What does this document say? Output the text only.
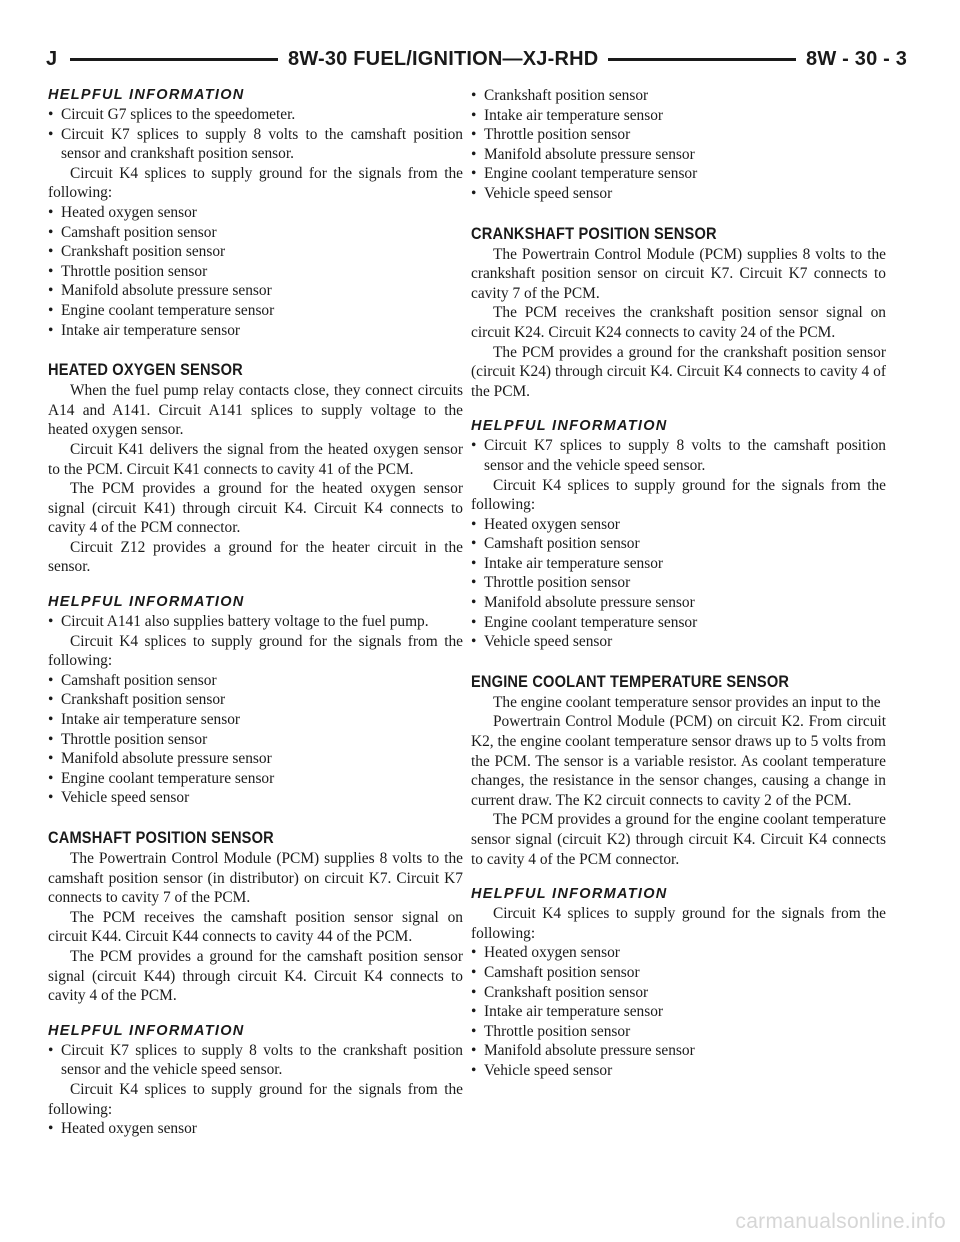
J	8W-30 FUEL/IGNITION—XJ-RHD	8W - 30 - 3
HELPFUL INFORMATION
• Circuit G7 splices to the speedometer.
• Circuit K7 splices to supply 8 volts to the camshaft position sensor and crankshaft position sensor.

Circuit K4 splices to supply ground for the signals from the following:

• Heated oxygen sensor
• Camshaft position sensor
• Crankshaft position sensor
• Throttle position sensor
• Manifold absolute pressure sensor
• Engine coolant temperature sensor
• Intake air temperature sensor
HEATED OXYGEN SENSOR

When the fuel pump relay contacts close, they connect circuits A14 and A141. Circuit A141 splices to supply voltage to the heated oxygen sensor.

Circuit K41 delivers the signal from the heated oxygen sensor to the PCM. Circuit K41 connects to cavity 41 of the PCM.

The PCM provides a ground for the heated oxygen sensor signal (circuit K41) through circuit K4. Circuit K4 connects to cavity 4 of the PCM connector.

Circuit Z12 provides a ground for the heater circuit in the sensor.

HELPFUL INFORMATION
• Circuit A141 also supplies battery voltage to the fuel pump.

Circuit K4 splices to supply ground for the signals from the following:

• Camshaft position sensor
• Crankshaft position sensor
• Intake air temperature sensor
• Throttle position sensor
• Manifold absolute pressure sensor
• Engine coolant temperature sensor
• Vehicle speed sensor
CAMSHAFT POSITION SENSOR

The Powertrain Control Module (PCM) supplies 8 volts to the camshaft position sensor (in distributor) on circuit K7. Circuit K7 connects to cavity 7 of the PCM.

The PCM receives the camshaft position sensor signal on circuit K44. Circuit K44 connects to cavity 44 of the PCM.

The PCM provides a ground for the camshaft position sensor signal (circuit K44) through circuit K4. Circuit K4 connects to cavity 4 of the PCM.

HELPFUL INFORMATION
• Circuit K7 splices to supply 8 volts to the crankshaft position sensor and the vehicle speed sensor.

Circuit K4 splices to supply ground for the signals from the following:

• Heated oxygen sensor
• Crankshaft position sensor
• Intake air temperature sensor
• Throttle position sensor
• Manifold absolute pressure sensor
• Engine coolant temperature sensor
• Vehicle speed sensor
CRANKSHAFT POSITION SENSOR

The Powertrain Control Module (PCM) supplies 8 volts to the crankshaft position sensor on circuit K7. Circuit K7 connects to cavity 7 of the PCM.

The PCM receives the crankshaft position sensor signal on circuit K24. Circuit K24 connects to cavity 24 of the PCM.

The PCM provides a ground for the crankshaft position sensor (circuit K24) through circuit K4. Circuit K4 connects to cavity 4 of the PCM.

HELPFUL INFORMATION
• Circuit K7 splices to supply 8 volts to the camshaft position sensor and the vehicle speed sensor.

Circuit K4 splices to supply ground for the signals from the following:

• Heated oxygen sensor
• Camshaft position sensor
• Intake air temperature sensor
• Throttle position sensor
• Manifold absolute pressure sensor
• Engine coolant temperature sensor
• Vehicle speed sensor
ENGINE COOLANT TEMPERATURE SENSOR

The engine coolant temperature sensor provides an input to the

Powertrain Control Module (PCM) on circuit K2. From circuit K2, the engine coolant temperature sensor draws up to 5 volts from the PCM. The sensor is a variable resistor. As coolant temperature changes, the resistance in the sensor changes, causing a change in current draw. The K2 circuit connects to cavity 2 of the PCM.

The PCM provides a ground for the engine coolant temperature sensor signal (circuit K2) through circuit K4. Circuit K4 connects to cavity 4 of the PCM connector.

HELPFUL INFORMATION

Circuit K4 splices to supply ground for the signals from the following:

• Heated oxygen sensor
• Camshaft position sensor
• Crankshaft position sensor
• Intake air temperature sensor
• Throttle position sensor
• Manifold absolute pressure sensor
• Vehicle speed sensor
carmanualsonline.info
